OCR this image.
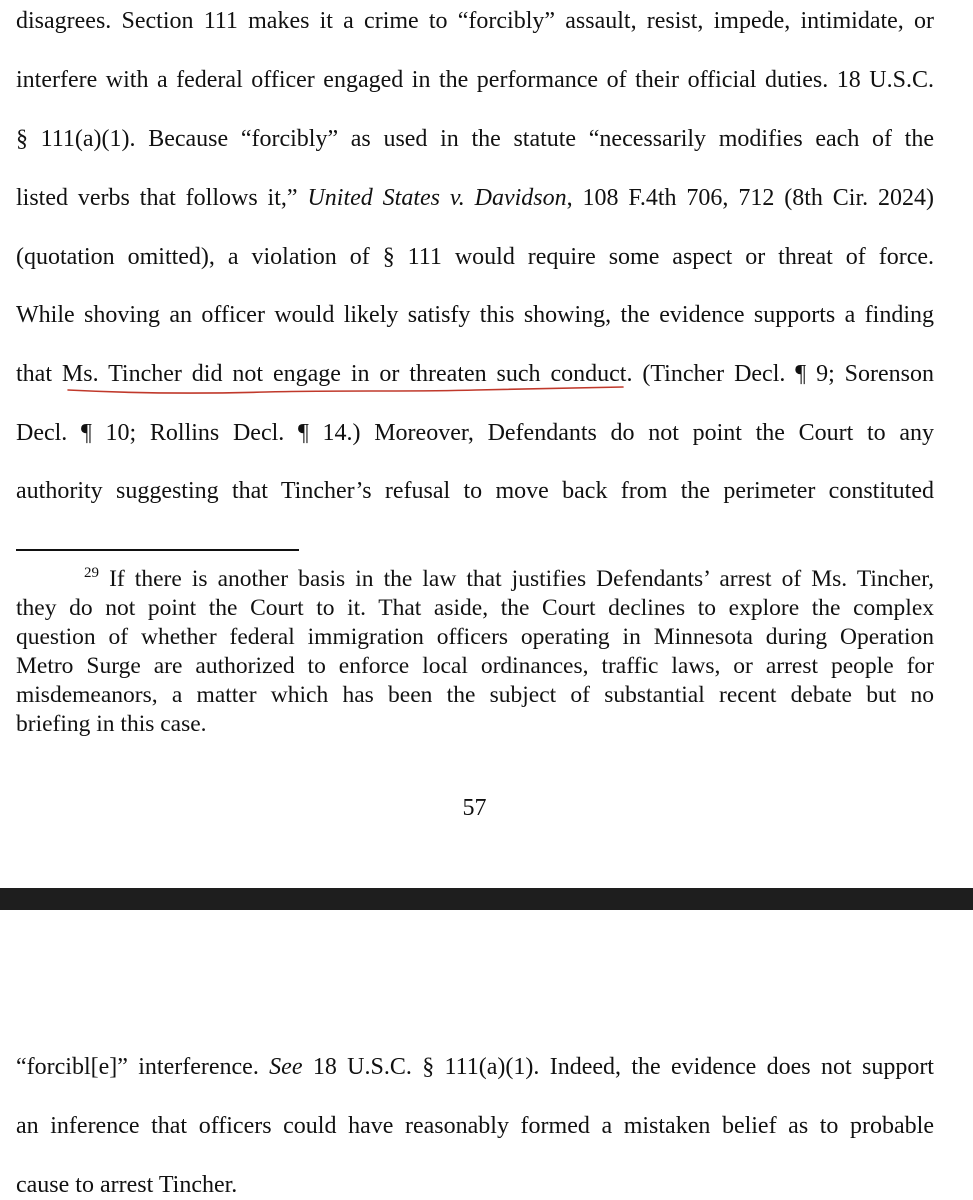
disagrees. Section 111 makes it a crime to “forcibly” assault, resist, impede, intimidate, or

interfere with a federal officer engaged in the performance of their official duties. 18 U.S.C.

§ 111(a)(1). Because “forcibly” as used in the statute “necessarily modifies each of the

listed verbs that follows it,” United States v. Davidson, 108 F.4th 706, 712 (8th Cir. 2024)

(quotation omitted), a violation of § 111 would require some aspect or threat of force.

While shoving an officer would likely satisfy this showing, the evidence supports a finding

that Ms. Tincher did not engage in or threaten such conduct. (Tincher Decl. ¶ 9; Sorenson

Decl. ¶ 10; Rollins Decl. ¶ 14.) Moreover, Defendants do not point the Court to any

authority suggesting that Tincher’s refusal to move back from the perimeter constituted

$^{29}$ If there is another basis in the law that justifies Defendants’ arrest of Ms. Tincher,

they do not point the Court to it. That aside, the Court declines to explore the complex

question of whether federal immigration officers operating in Minnesota during Operation

Metro Surge are authorized to enforce local ordinances, traffic laws, or arrest people for

misdemeanors, a matter which has been the subject of substantial recent debate but no

briefing in this case.

57

“forcibl[e]” interference. See 18 U.S.C. § 111(a)(1). Indeed, the evidence does not support

an inference that officers could have reasonably formed a mistaken belief as to probable

cause to arrest Tincher.
